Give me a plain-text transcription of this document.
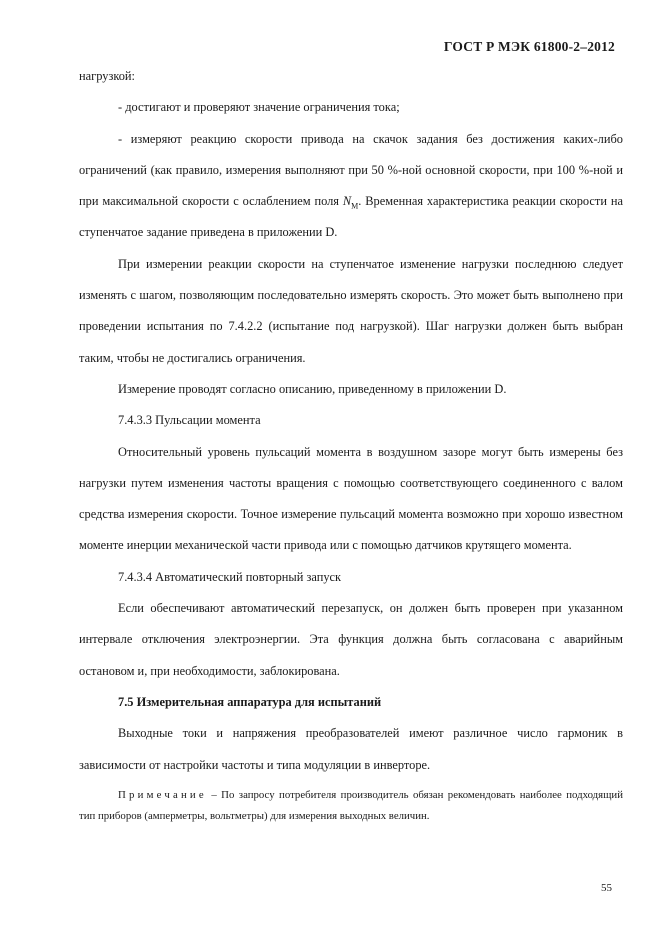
ГОСТ Р МЭК 61800-2–2012

нагрузкой:

- достигают и проверяют значение ограничения тока;

- измеряют реакцию скорости привода на скачок задания без достижения каких-либо ограничений (как правило, измерения выполняют при 50 %-ной основной скорости, при 100 %-ной и при максимальной скорости с ослаблением поля $N_M$. Временная характеристика реакции скорости на ступенчатое задание приведена в приложении D.

При измерении реакции скорости на ступенчатое изменение нагрузки последнюю следует изменять с шагом, позволяющим последовательно измерять скорость. Это может быть выполнено при проведении испытания по 7.4.2.2 (испытание под нагрузкой). Шаг нагрузки должен быть выбран таким, чтобы не достигались ограничения.

Измерение проводят согласно описанию, приведенному в приложении D.

7.4.3.3 Пульсации момента

Относительный уровень пульсаций момента в воздушном зазоре могут быть измерены без нагрузки путем изменения частоты вращения с помощью соответствующего соединенного с валом средства измерения скорости. Точное измерение пульсаций момента возможно при хорошо известном моменте инерции механической части привода или с помощью датчиков крутящего момента.

7.4.3.4 Автоматический повторный запуск

Если обеспечивают автоматический перезапуск, он должен быть проверен при указанном интервале отключения электроэнергии. Эта функция должна быть согласована с аварийным остановом и, при необходимости, заблокирована.

7.5 Измерительная аппаратура для испытаний

Выходные токи и напряжения преобразователей имеют различное число гармоник в зависимости от настройки частоты и типа модуляции в инверторе.

Примечание – По запросу потребителя производитель обязан рекомендовать наиболее подходящий тип приборов (амперметры, вольтметры) для измерения выходных величин.

55
